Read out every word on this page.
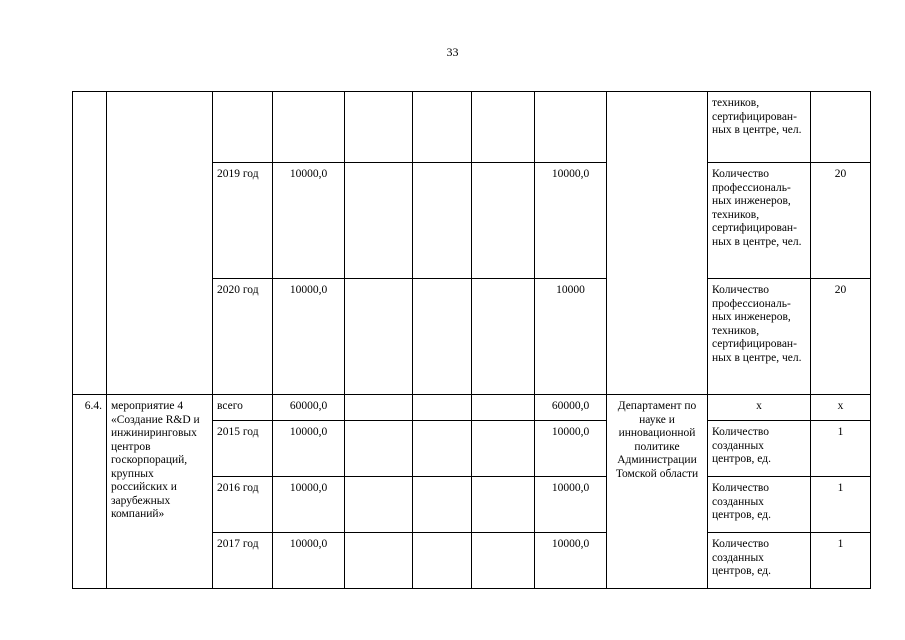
33
									техников, сертифицирован-ных в центре, чел.	
		2019 год	10000,0				10000,0		Количество профессиональ-ных инженеров, техников, сертифицирован-ных в центре, чел.	20
		2020 год	10000,0				10000		Количество профессиональ-ных инженеров, техников, сертифицирован-ных в центре, чел.	20
6.4.	мероприятие 4 «Создание R&D и инжиниринговых центров госкорпораций, крупных российских и зарубежных компаний»	всего	60000,0				60000,0	Департамент по науке и инновационной политике Администрации Томской области	х	х
		2015 год	10000,0				10000,0		Количество созданных центров, ед.	1
		2016 год	10000,0				10000,0		Количество созданных центров, ед.	1
		2017 год	10000,0				10000,0		Количество созданных центров, ед.	1
